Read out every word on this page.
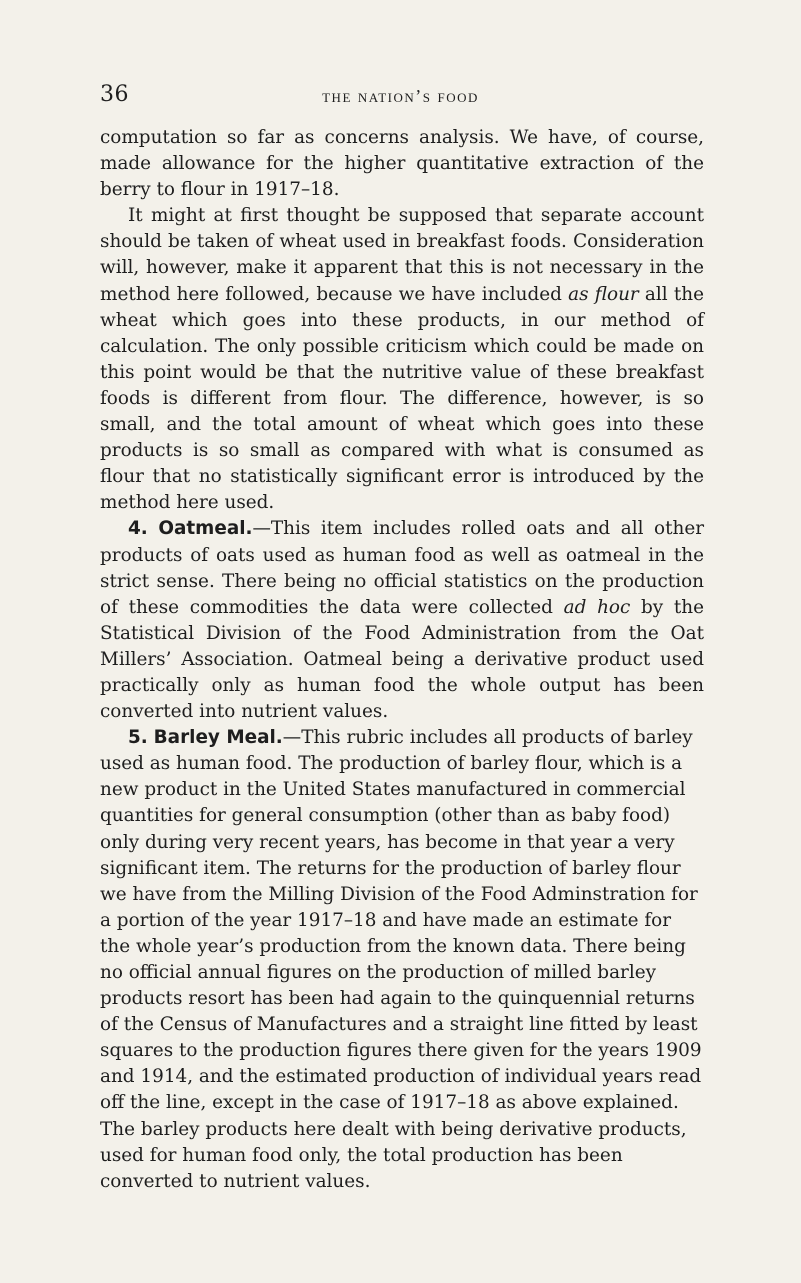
36	the nation’s food

computation so far as concerns analysis. We have, of course, made allowance for the higher quantitative extraction of the berry to flour in 1917–18.

It might at first thought be supposed that separate account should be taken of wheat used in breakfast foods. Consideration will, however, make it apparent that this is not necessary in the method here followed, because we have included as flour all the wheat which goes into these products, in our method of calculation. The only possible criticism which could be made on this point would be that the nutritive value of these breakfast foods is different from flour. The difference, however, is so small, and the total amount of wheat which goes into these products is so small as compared with what is consumed as flour that no statistically significant error is introduced by the method here used.

4. Oatmeal.—This item includes rolled oats and all other products of oats used as human food as well as oatmeal in the strict sense. There being no official statistics on the production of these commodities the data were collected ad hoc by the Statistical Division of the Food Administration from the Oat Millers’ Association. Oatmeal being a derivative product used practically only as human food the whole output has been converted into nutrient values.

5. Barley Meal.—This rubric includes all products of barley used as human food. The production of barley flour, which is a new product in the United States manufactured in commercial quantities for general consumption (other than as baby food) only during very recent years, has become in that year a very significant item. The returns for the production of barley flour we have from the Milling Division of the Food Adminstration for a portion of the year 1917–18 and have made an estimate for the whole year’s production from the known data. There being no official annual figures on the production of milled barley products resort has been had again to the quinquennial returns of the Census of Manufactures and a straight line fitted by least squares to the production figures there given for the years 1909 and 1914, and the estimated production of individual years read off the line, except in the case of 1917–18 as above explained. The barley products here dealt with being derivative products, used for human food only, the total production has been converted to nutrient values.
